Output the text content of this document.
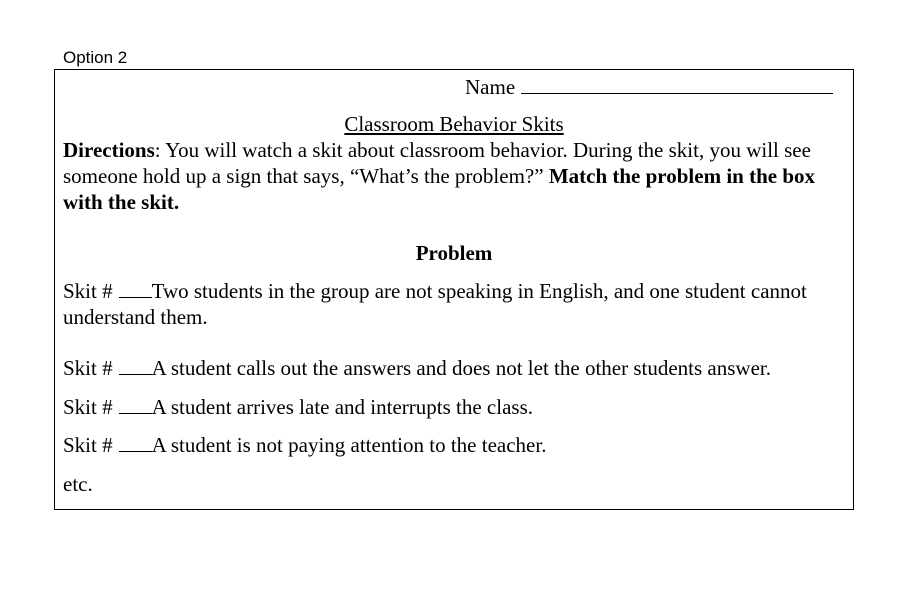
Option 2
Name
Classroom Behavior Skits
Directions: You will watch a skit about classroom behavior. During the skit, you will see someone hold up a sign that says, “What’s the problem?” Match the problem in the box with the skit.
Problem
Skit # Two students in the group are not speaking in English, and one student cannot understand them.
Skit # A student calls out the answers and does not let the other students answer.
Skit # A student arrives late and interrupts the class.
Skit # A student is not paying attention to the teacher.
etc.
